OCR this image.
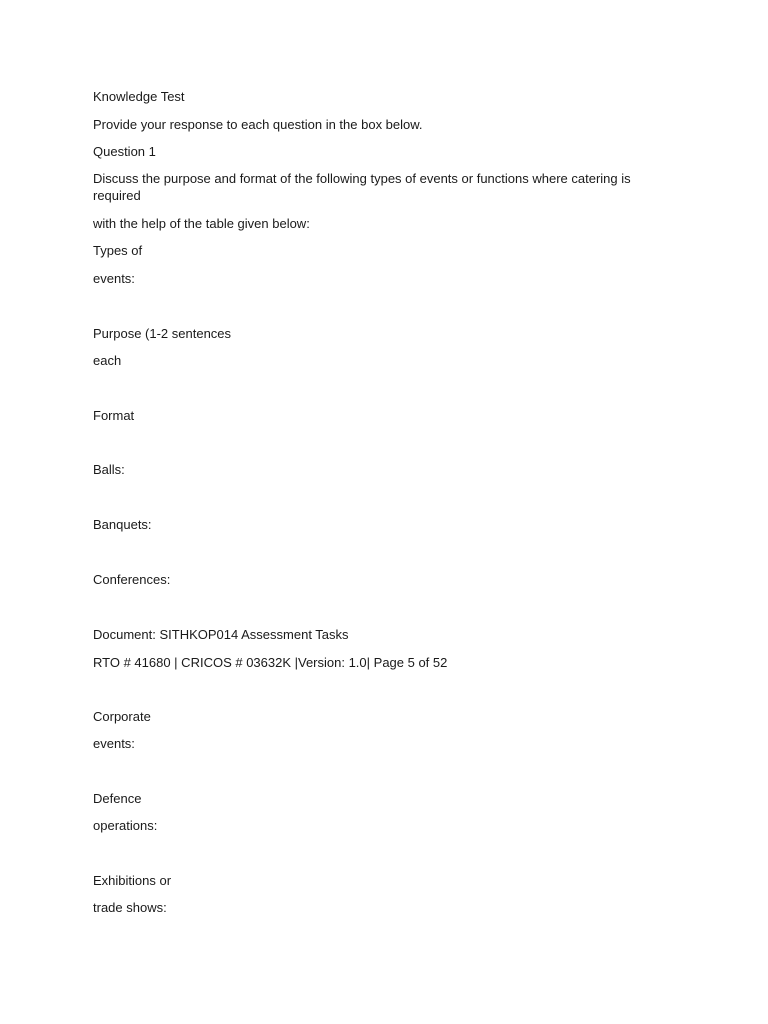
Knowledge Test
Provide your response to each question in the box below.
Question 1
Discuss the purpose and format of the following types of events or functions where catering is required
with the help of the table given below:
Types of
events:
Purpose (1-2 sentences
each
Format
Balls:
Banquets:
Conferences:
Document: SITHKOP014 Assessment Tasks
RTO # 41680 | CRICOS # 03632K |Version: 1.0| Page 5 of 52
Corporate
events:
Defence
operations:
Exhibitions or
trade shows:
